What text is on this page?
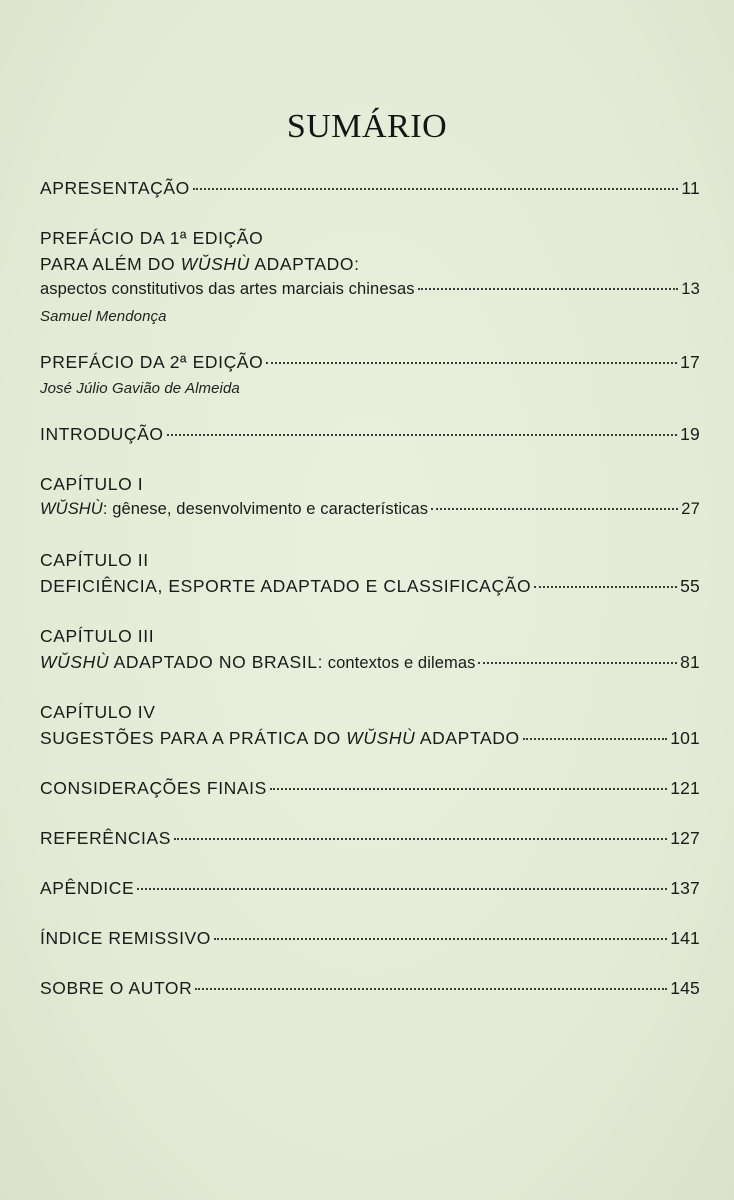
SUMÁRIO
APRESENTAÇÃO	11
PREFÁCIO DA 1ª EDIÇÃO
PARA ALÉM DO WŬSHÙ ADAPTADO:
aspectos constitutivos das artes marciais chinesas	13
Samuel Mendonça
PREFÁCIO DA 2ª EDIÇÃO	17
José Júlio Gavião de Almeida
INTRODUÇÃO	19
CAPÍTULO I
WŬSHÙ: gênese, desenvolvimento e características	27
CAPÍTULO II
DEFICIÊNCIA, ESPORTE ADAPTADO E CLASSIFICAÇÃO	55
CAPÍTULO III
WŬSHÙ ADAPTADO NO BRASIL: contextos e dilemas	81
CAPÍTULO IV
SUGESTÕES PARA A PRÁTICA DO WŬSHÙ ADAPTADO	101
CONSIDERAÇÕES FINAIS	121
REFERÊNCIAS	127
APÊNDICE	137
ÍNDICE REMISSIVO	141
SOBRE O AUTOR	145
